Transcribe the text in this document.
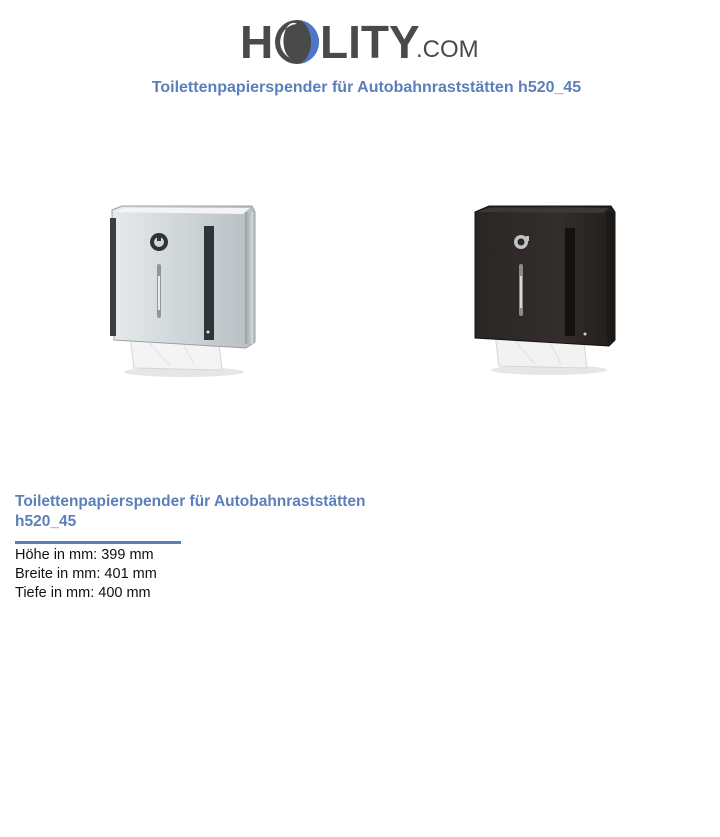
H LITY
.COM
Toilettenpapierspender für Autobahnraststätten h520_45
Toilettenpapierspender für Autobahnraststätten
h520_45
Höhe in mm: 399 mm
Breite in mm: 401 mm
Tiefe in mm: 400 mm
